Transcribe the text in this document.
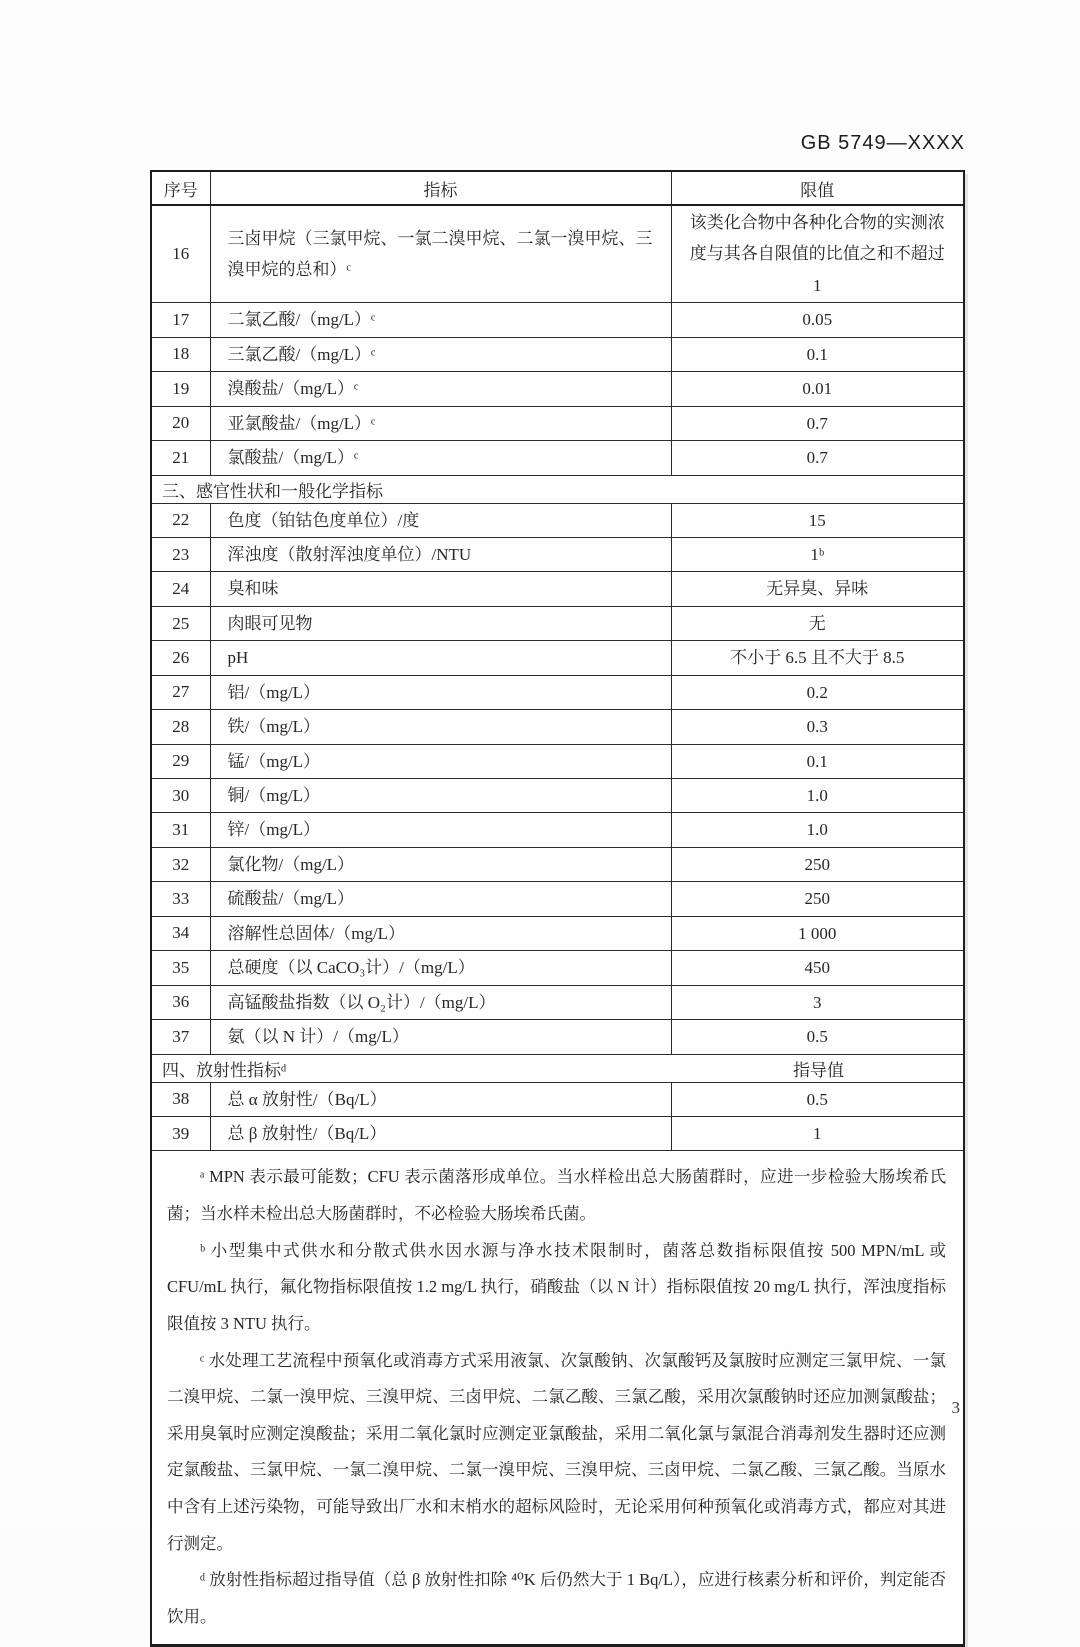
GB 5749—XXXX
序号	指标	限值
16	三卤甲烷（三氯甲烷、一氯二溴甲烷、二氯一溴甲烷、三溴甲烷的总和）ᶜ	该类化合物中各种化合物的实测浓度与其各自限值的比值之和不超过 1
17	二氯乙酸/（mg/L）ᶜ	0.05
18	三氯乙酸/（mg/L）ᶜ	0.1
19	溴酸盐/（mg/L）ᶜ	0.01
20	亚氯酸盐/（mg/L）ᶜ	0.7
21	氯酸盐/（mg/L）ᶜ	0.7
三、感官性状和一般化学指标		
22	色度（铂钴色度单位）/度	15
23	浑浊度（散射浑浊度单位）/NTU	1ᵇ
24	臭和味	无异臭、异味
25	肉眼可见物	无
26	pH	不小于 6.5 且不大于 8.5
27	铝/（mg/L）	0.2
28	铁/（mg/L）	0.3
29	锰/（mg/L）	0.1
30	铜/（mg/L）	1.0
31	锌/（mg/L）	1.0
32	氯化物/（mg/L）	250
33	硫酸盐/（mg/L）	250
34	溶解性总固体/（mg/L）	1 000
35	总硬度（以 CaCO₃计）/（mg/L）	450
36	高锰酸盐指数（以 O₂计）/（mg/L）	3
37	氨（以 N 计）/（mg/L）	0.5
四、放射性指标ᵈ 指导值		

38	总 α 放射性/（Bq/L）	0.5
39	总 β 放射性/（Bq/L）	1

ᵃ MPN 表示最可能数；CFU 表示菌落形成单位。当水样检出总大肠菌群时，应进一步检验大肠埃希氏菌；当水样未检出总大肠菌群时，不必检验大肠埃希氏菌。

ᵇ 小型集中式供水和分散式供水因水源与净水技术限制时，菌落总数指标限值按 500 MPN/mL 或 CFU/mL 执行，氟化物指标限值按 1.2 mg/L 执行，硝酸盐（以 N 计）指标限值按 20 mg/L 执行，浑浊度指标限值按 3 NTU 执行。

ᶜ 水处理工艺流程中预氧化或消毒方式采用液氯、次氯酸钠、次氯酸钙及氯胺时应测定三氯甲烷、一氯二溴甲烷、二氯一溴甲烷、三溴甲烷、三卤甲烷、二氯乙酸、三氯乙酸，采用次氯酸钠时还应加测氯酸盐；采用臭氧时应测定溴酸盐；采用二氧化氯时应测定亚氯酸盐，采用二氧化氯与氯混合消毒剂发生器时还应测定氯酸盐、三氯甲烷、一氯二溴甲烷、二氯一溴甲烷、三溴甲烷、三卤甲烷、二氯乙酸、三氯乙酸。当原水中含有上述污染物，可能导致出厂水和末梢水的超标风险时，无论采用何种预氧化或消毒方式，都应对其进行测定。

ᵈ 放射性指标超过指导值（总 β 放射性扣除 ⁴⁰K 后仍然大于 1 Bq/L），应进行核素分析和评价，判定能否饮用。		

3
